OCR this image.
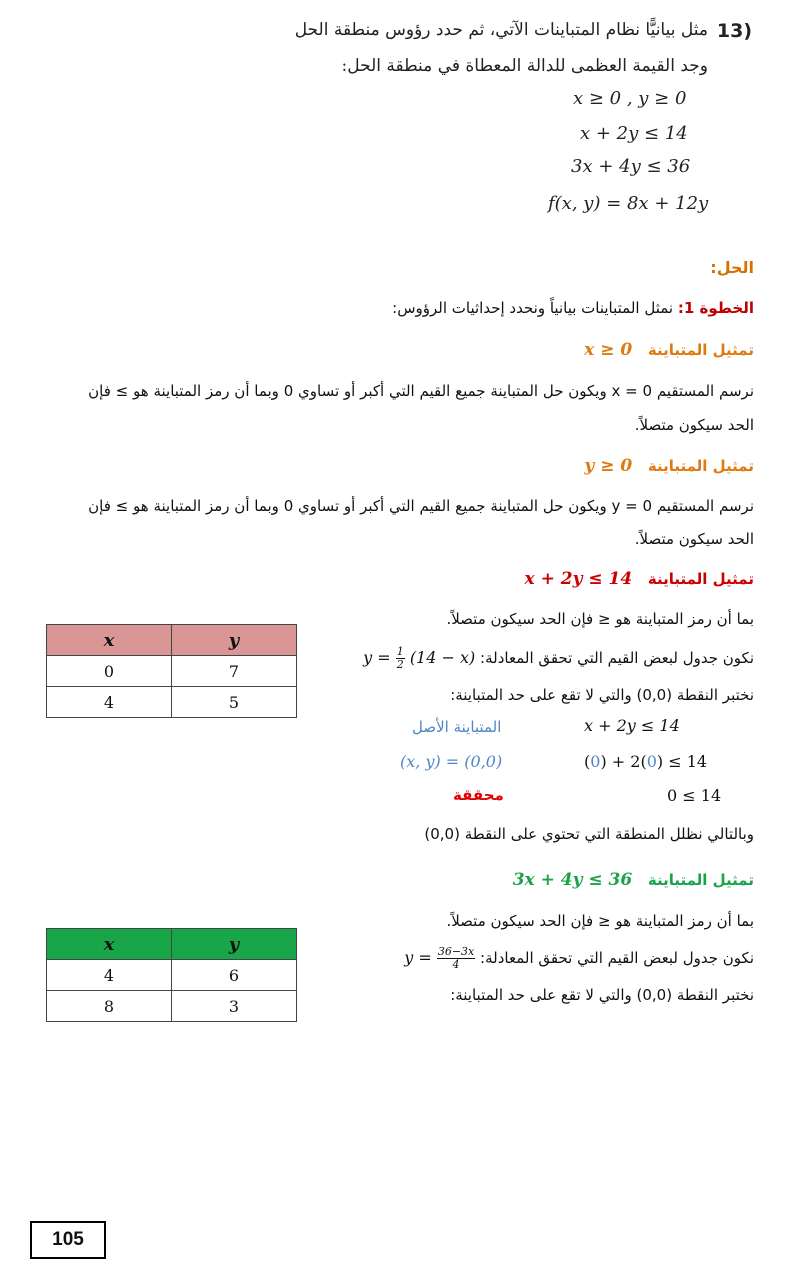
13)
مثل بيانيًّا نظام المتباينات الآتي، ثم حدد رؤوس منطقة الحل
وجد القيمة العظمى للدالة المعطاة في منطقة الحل:
x ≥ 0 , y ≥ 0
x + 2y ≤ 14
3x + 4y ≤ 36
f(x, y) = 8x + 12y
الحل:
الخطوة 1: نمثل المتباينات بيانياً ونحدد إحداثيات الرؤوس:
تمثيل المتباينة   x ≥ 0
نرسم المستقيم 0 = x ويكون حل المتباينة جميع القيم التي أكبر أو تساوي 0 وبما أن رمز المتباينة هو ≥ فإن
الحد سيكون متصلاً.
تمثيل المتباينة   y ≥ 0
نرسم المستقيم 0 = y ويكون حل المتباينة جميع القيم التي أكبر أو تساوي 0 وبما أن رمز المتباينة هو ≥ فإن
الحد سيكون متصلاً.
تمثيل المتباينة   x + 2y ≤ 14
بما أن رمز المتباينة هو ≤ فإن الحد سيكون متصلاً.
نكون جدول لبعض القيم التي تحقق المعادلة: $y = \frac{1}{2} (14 - x)$
نختبر النقطة (0,0) والتي لا تقع على حد المتباينة:
x + 2y ≤ 14
المتباينة الأصل
(0) + 2(0) ≤ 14
(x, y) = (0,0)
0 ≤ 14
محققة
وبالتالي نظلل المنطقة التي تحتوي على النقطة (0,0)
x	y
0	7
4	5
تمثيل المتباينة   3x + 4y ≤ 36
بما أن رمز المتباينة هو ≤ فإن الحد سيكون متصلاً.
نكون جدول لبعض القيم التي تحقق المعادلة: $y = \frac{36-3x}{4}$
نختبر النقطة (0,0) والتي لا تقع على حد المتباينة:
x	y
4	6
8	3
105
